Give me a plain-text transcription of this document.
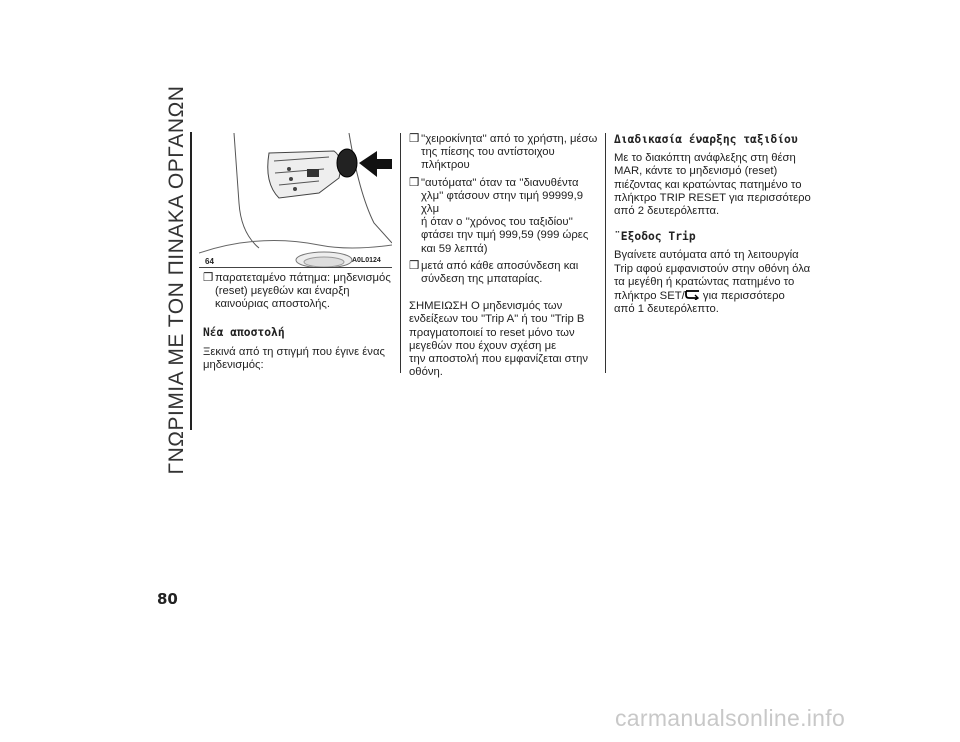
ΓΝΩΡΙΜΙΑ ΜΕ ΤΟΝ ΠΙΝΑΚΑ ΟΡΓΑΝΩΝ 64	A0L0124

❒ παρατεταμένο πάτημα: μηδενισμός
(reset) μεγεθών και έναρξη
καινούριας αποστολής.

Νέα αποστολή

Ξεκινά από τη στιγμή που έγινε ένας
μηδενισμός:

❒ ''χειροκίνητα'' από το χρήστη, μέσω
της πίεσης του αντίστοιχου
πλήκτρου

❒ "αυτόματα" όταν τα ''διανυθέντα
χλμ'' φτάσουν στην τιμή 99999,9 χλμ
ή όταν ο ''χρόνος του ταξιδίου''
φτάσει την τιμή 999,59 (999 ώρες
και 59 λεπτά)

❒ μετά από κάθε αποσύνδεση και
σύνδεση της μπαταρίας.

ΣΗΜΕΙΩΣΗ Ο μηδενισμός των
ενδείξεων του "Trip A" ή του "Trip B
πραγματοποιεί το reset μόνο των
μεγεθών που έχουν σχέση με
την αποστολή που εμφανίζεται στην
οθόνη.

Διαδικασία έναρξης ταξιδίου

Με το διακόπτη ανάφλεξης στη θέση
MAR, κάντε το μηδενισμό (reset)
πιέζοντας και κρατώντας πατημένο το
πλήκτρο TRIP RESET για περισσότερο
από 2 δευτερόλεπτα.

¨Εξοδος Trip

Βγαίνετε αυτόματα από τη λειτουργία
Trip αφού εμφανιστούν στην οθόνη όλα
τα μεγέθη ή κρατώντας πατημένο το
πλήκτρο SET/ για περισσότερο
από 1 δευτερόλεπτο.

80
carmanualsonline.info
